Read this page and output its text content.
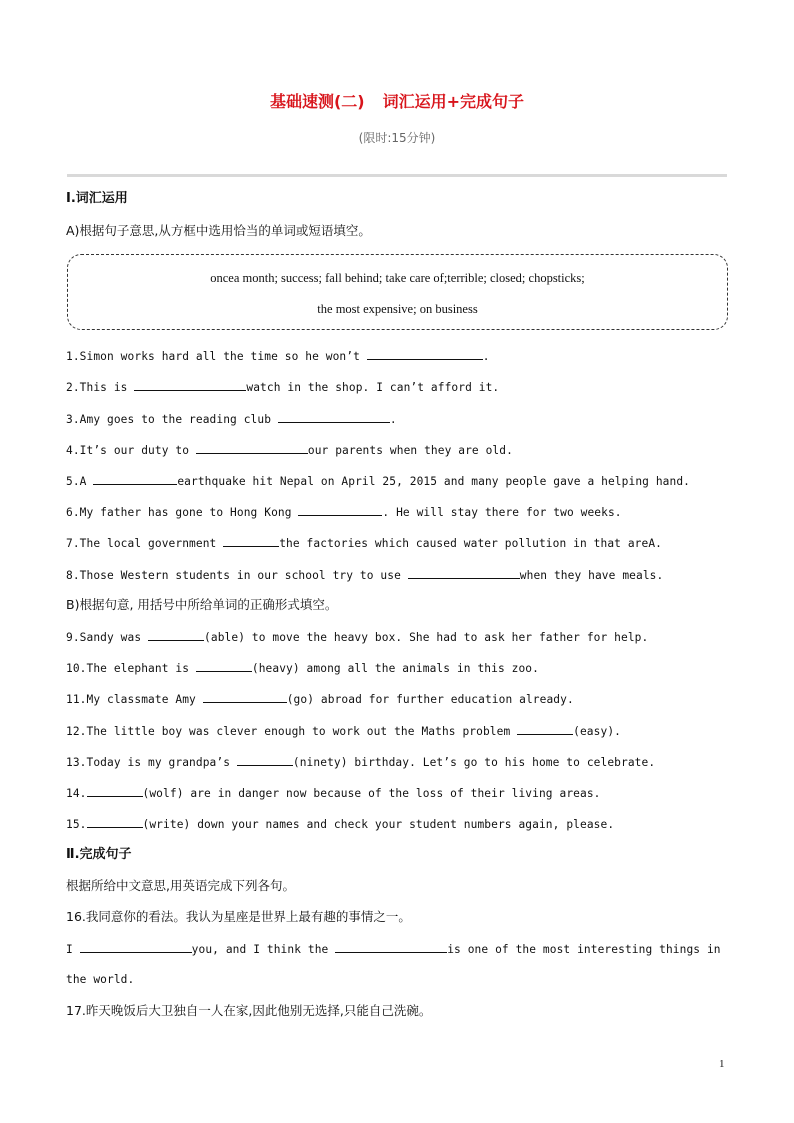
基础速测(二) 词汇运用+完成句子
(限时:15分钟)
Ⅰ.词汇运用
A)根据句子意思,从方框中选用恰当的单词或短语填空。
oncea month; success; fall behind; take care of;terrible; closed; chopsticks;
the most expensive; on business
1.Simon works hard all the time so he won’t	.
2.This is	watch in the shop. I can’t afford it.
3.Amy goes to the reading club	.
4.It’s our duty to	our parents when they are old.
5.A	earthquake hit Nepal on April 25, 2015 and many people gave a helping hand.
6.My father has gone to Hong Kong	. He will stay there for two weeks.
7.The local government	the factories which caused water pollution in that areA.
8.Those Western students in our school try to use	when they have meals.
B)根据句意, 用括号中所给单词的正确形式填空。
9.Sandy was	(able) to move the heavy box. She had to ask her father for help.
10.The elephant is	(heavy) among all the animals in this zoo.
11.My classmate Amy	(go) abroad for further education already.
12.The little boy was clever enough to work out the Maths problem	(easy).
13.Today is my grandpa’s	(ninety) birthday. Let’s go to his home to celebrate.
14.	(wolf) are in danger now because of the loss of their living areas.
15.	(write) down your names and check your student numbers again, please.
Ⅱ.完成句子
根据所给中文意思,用英语完成下列各句。
16.我同意你的看法。我认为星座是世界上最有趣的事情之一。
I	you, and I think the	is one of the most interesting things in
the world.
17.昨天晚饭后大卫独自一人在家,因此他别无选择,只能自己洗碗。
1
